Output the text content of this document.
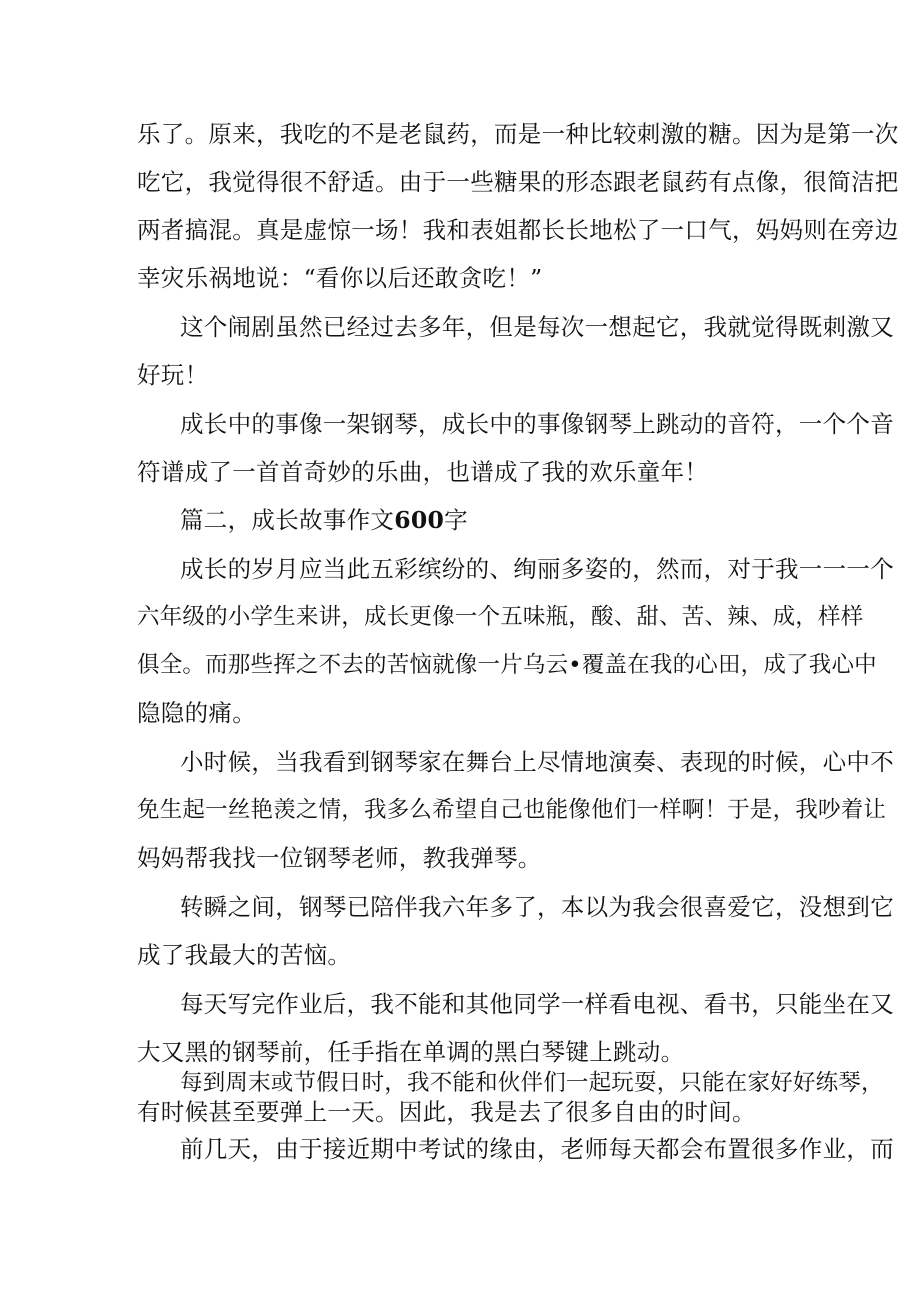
乐了。原来，我吃的不是老鼠药，而是一种比较刺激的糖。因为是第一次

吃它，我觉得很不舒适。由于一些糖果的形态跟老鼠药有点像，很简洁把

两者搞混。真是虚惊一场！我和表姐都长长地松了一口气，妈妈则在旁边

幸灾乐祸地说：“看你以后还敢贪吃！”

这个闹剧虽然已经过去多年，但是每次一想起它，我就觉得既刺激又

好玩！

成长中的事像一架钢琴，成长中的事像钢琴上跳动的音符，一个个音

符谱成了一首首奇妙的乐曲，也谱成了我的欢乐童年！

篇二，成长故事作文600字

成长的岁月应当此五彩缤纷的、绚丽多姿的，然而，对于我一一一个

六年级的小学生来讲，成长更像一个五味瓶，酸、甜、苦、辣、成，样样

俱全。而那些挥之不去的苦恼就像一片乌云•覆盖在我的心田，成了我心中

隐隐的痛。

小时候，当我看到钢琴家在舞台上尽情地演奏、表现的时候，心中不

免生起一丝艳羡之情，我多么希望自己也能像他们一样啊！于是，我吵着让

妈妈帮我找一位钢琴老师，教我弹琴。

转瞬之间，钢琴已陪伴我六年多了，本以为我会很喜爱它，没想到它

成了我最大的苦恼。

每天写完作业后，我不能和其他同学一样看电视、看书，只能坐在又

大又黑的钢琴前，任手指在单调的黑白琴键上跳动。

每到周末或节假日时，我不能和伙伴们一起玩耍，只能在家好好练琴，

有时候甚至要弹上一天。因此，我是去了很多自由的时间。

前几天，由于接近期中考试的缘由，老师每天都会布置很多作业，而
